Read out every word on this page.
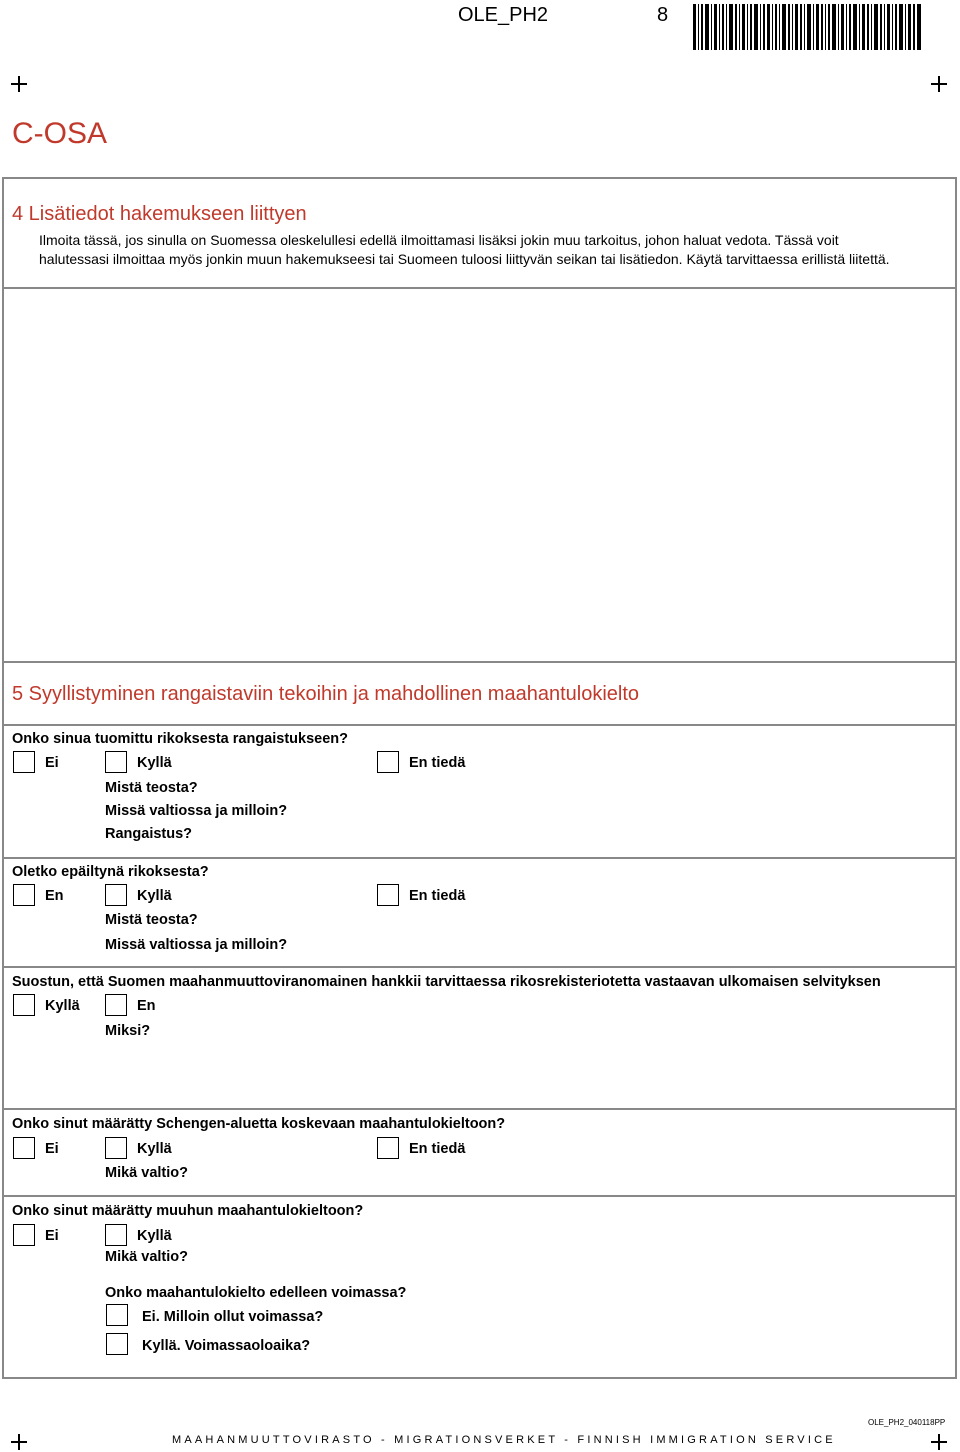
OLE_PH2	8
C-OSA
4 Lisätiedot hakemukseen liittyen
Ilmoita tässä, jos sinulla on Suomessa oleskelullesi edellä ilmoittamasi lisäksi jokin muu tarkoitus, johon haluat vedota. Tässä voit
halutessasi ilmoittaa myös jonkin muun hakemukseesi tai Suomeen tuloosi liittyvän seikan tai lisätiedon. Käytä tarvittaessa erillistä liitettä.
5 Syyllistyminen rangaistaviin tekoihin ja mahdollinen maahantulokielto
Onko sinua tuomittu rikoksesta rangaistukseen?
Ei	Kyllä	En tiedä
Mistä teosta?
Missä valtiossa ja milloin?
Rangaistus?
Oletko epäiltynä rikoksesta?
En	Kyllä	En tiedä
Mistä teosta?
Missä valtiossa ja milloin?
Suostun, että Suomen maahanmuuttoviranomainen hankkii tarvittaessa rikosrekisteriotetta vastaavan ulkomaisen selvityksen
Kyllä	En
Miksi?
Onko sinut määrätty Schengen-aluetta koskevaan maahantulokieltoon?
Ei	Kyllä	En tiedä
Mikä valtio?
Onko sinut määrätty muuhun maahantulokieltoon?
Ei	Kyllä
Mikä valtio?
Onko maahantulokielto edelleen voimassa?
Ei. Milloin ollut voimassa?
Kyllä. Voimassaoloaika?
OLE_PH2_040118PP
MAAHANMUUTTOVIRASTO - MIGRATIONSVERKET - FINNISH IMMIGRATION SERVICE
